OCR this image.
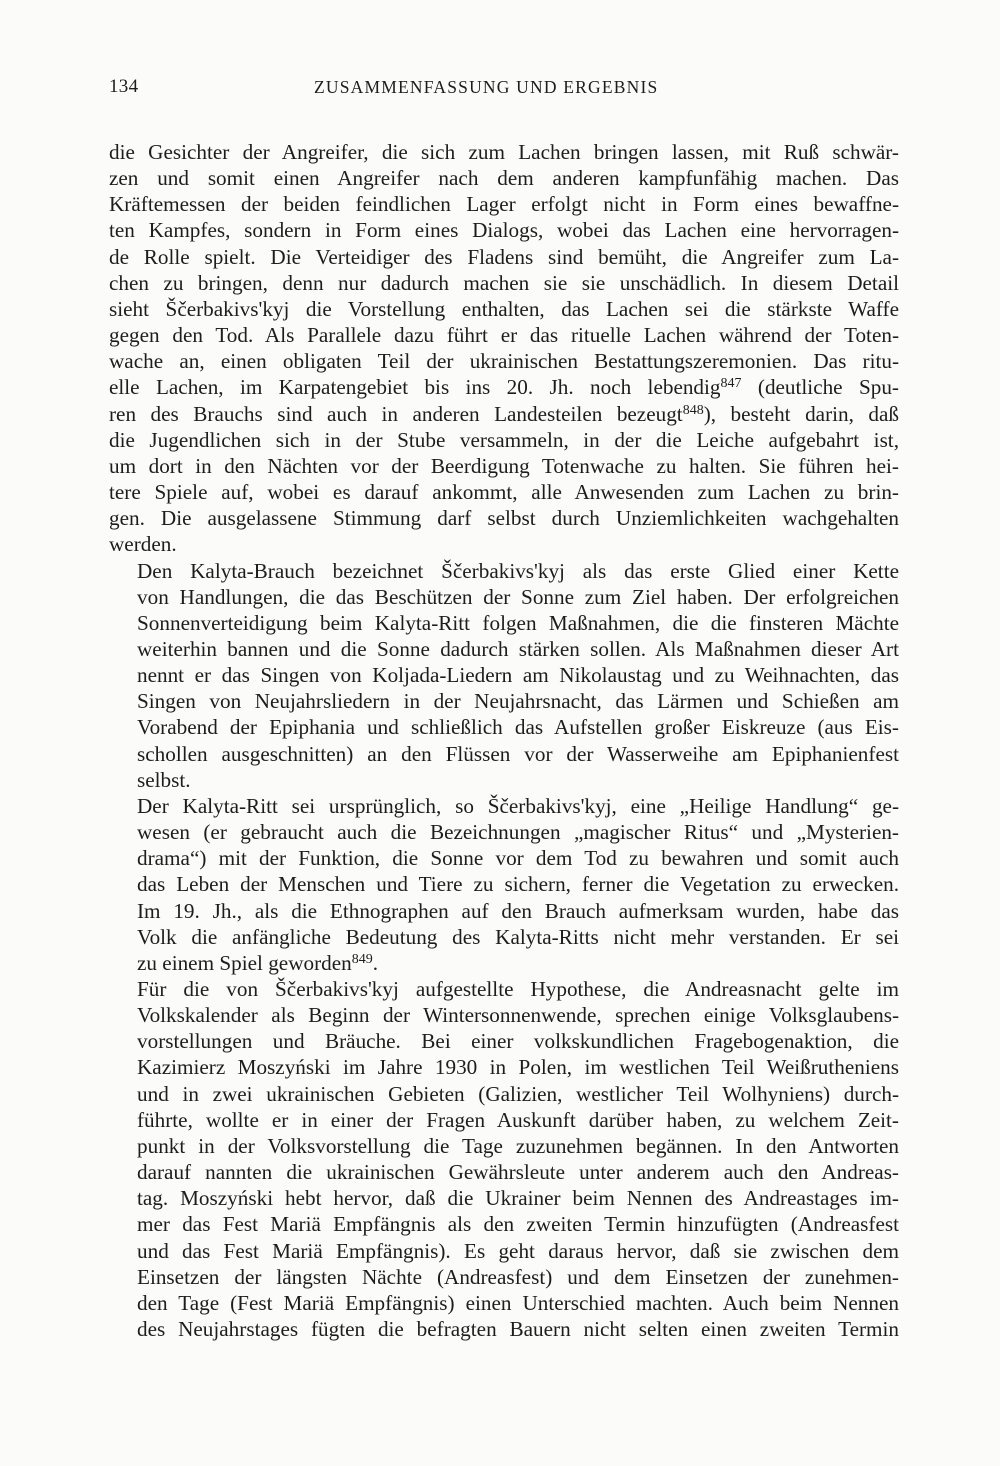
134	ZUSAMMENFASSUNG UND ERGEBNIS

die Gesichter der Angreifer, die sich zum Lachen bringen lassen, mit Ruß schwär-
zen und somit einen Angreifer nach dem anderen kampfunfähig machen. Das
Kräftemessen der beiden feindlichen Lager erfolgt nicht in Form eines bewaffne-
ten Kampfes, sondern in Form eines Dialogs, wobei das Lachen eine hervorragen-
de Rolle spielt. Die Verteidiger des Fladens sind bemüht, die Angreifer zum La-
chen zu bringen, denn nur dadurch machen sie sie unschädlich. In diesem Detail
sieht Ščerbakivs'kyj die Vorstellung enthalten, das Lachen sei die stärkste Waffe
gegen den Tod. Als Parallele dazu führt er das rituelle Lachen während der Toten-
wache an, einen obligaten Teil der ukrainischen Bestattungszeremonien. Das ritu-
elle Lachen, im Karpatengebiet bis ins 20. Jh. noch lebendig$^{847}$ (deutliche Spu-
ren des Brauchs sind auch in anderen Landesteilen bezeugt$^{848}$), besteht darin, daß
die Jugendlichen sich in der Stube versammeln, in der die Leiche aufgebahrt ist,
um dort in den Nächten vor der Beerdigung Totenwache zu halten. Sie führen hei-
tere Spiele auf, wobei es darauf ankommt, alle Anwesenden zum Lachen zu brin-
gen. Die ausgelassene Stimmung darf selbst durch Unziemlichkeiten wachgehalten
werden.

Den Kalyta-Brauch bezeichnet Ščerbakivs'kyj als das erste Glied einer Kette
von Handlungen, die das Beschützen der Sonne zum Ziel haben. Der erfolgreichen
Sonnenverteidigung beim Kalyta-Ritt folgen Maßnahmen, die die finsteren Mächte
weiterhin bannen und die Sonne dadurch stärken sollen. Als Maßnahmen dieser Art
nennt er das Singen von Koljada-Liedern am Nikolaustag und zu Weihnachten, das
Singen von Neujahrsliedern in der Neujahrsnacht, das Lärmen und Schießen am
Vorabend der Epiphania und schließlich das Aufstellen großer Eiskreuze (aus Eis-
schollen ausgeschnitten) an den Flüssen vor der Wasserweihe am Epiphanienfest
selbst.

Der Kalyta-Ritt sei ursprünglich, so Ščerbakivs'kyj, eine „Heilige Handlung“ ge-
wesen (er gebraucht auch die Bezeichnungen „magischer Ritus“ und „Mysterien-
drama“) mit der Funktion, die Sonne vor dem Tod zu bewahren und somit auch
das Leben der Menschen und Tiere zu sichern, ferner die Vegetation zu erwecken.
Im 19. Jh., als die Ethnographen auf den Brauch aufmerksam wurden, habe das
Volk die anfängliche Bedeutung des Kalyta-Ritts nicht mehr verstanden. Er sei
zu einem Spiel geworden$^{849}$.

Für die von Ščerbakivs'kyj aufgestellte Hypothese, die Andreasnacht gelte im
Volkskalender als Beginn der Wintersonnenwende, sprechen einige Volksglaubens-
vorstellungen und Bräuche. Bei einer volkskundlichen Fragebogenaktion, die
Kazimierz Moszyński im Jahre 1930 in Polen, im westlichen Teil Weißrutheniens
und in zwei ukrainischen Gebieten (Galizien, westlicher Teil Wolhyniens) durch-
führte, wollte er in einer der Fragen Auskunft darüber haben, zu welchem Zeit-
punkt in der Volksvorstellung die Tage zuzunehmen begännen. In den Antworten
darauf nannten die ukrainischen Gewährsleute unter anderem auch den Andreas-
tag. Moszyński hebt hervor, daß die Ukrainer beim Nennen des Andreastages im-
mer das Fest Mariä Empfängnis als den zweiten Termin hinzufügten (Andreasfest
und das Fest Mariä Empfängnis). Es geht daraus hervor, daß sie zwischen dem
Einsetzen der längsten Nächte (Andreasfest) und dem Einsetzen der zunehmen-
den Tage (Fest Mariä Empfängnis) einen Unterschied machten. Auch beim Nennen
des Neujahrstages fügten die befragten Bauern nicht selten einen zweiten Termin
